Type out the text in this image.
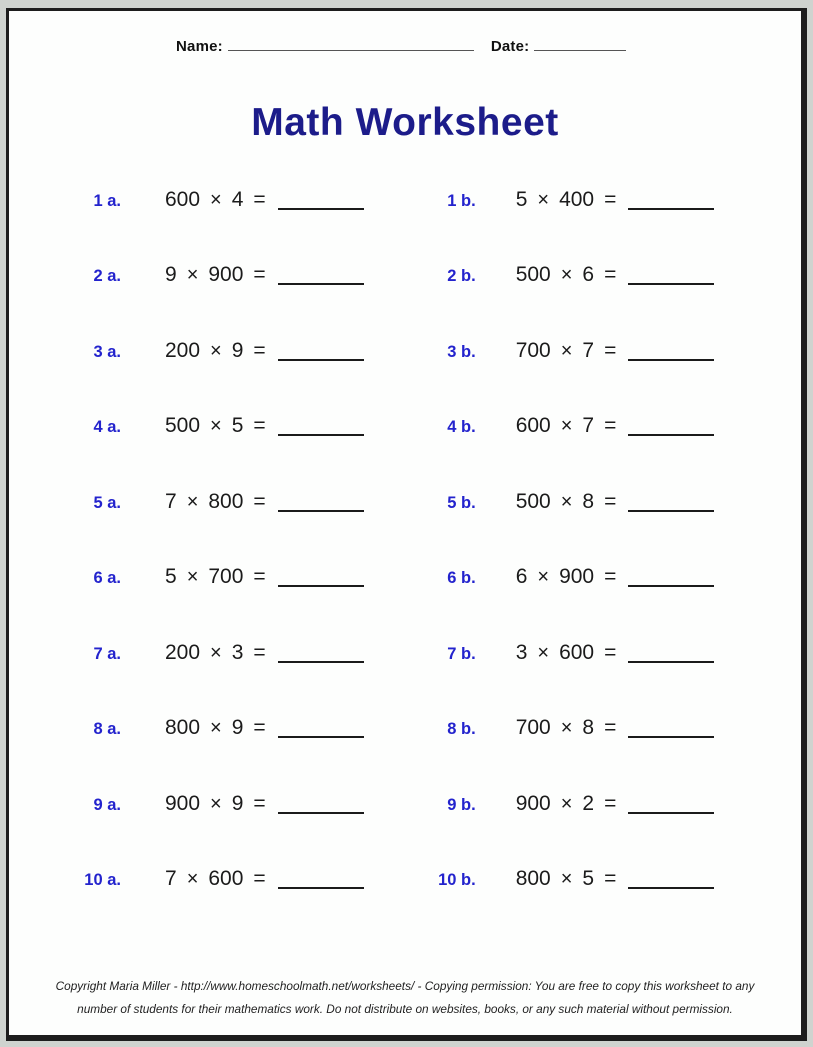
Name:	Date:
Math Worksheet
1 a. 600 × 4 =	1 b. 5 × 400 =
2 a. 9 × 900 =	2 b. 500 × 6 =
3 a. 200 × 9 =	3 b. 700 × 7 =
4 a. 500 × 5 =	4 b. 600 × 7 =
5 a. 7 × 800 =	5 b. 500 × 8 =
6 a. 5 × 700 =	6 b. 6 × 900 =
7 a. 200 × 3 =	7 b. 3 × 600 =
8 a. 800 × 9 =	8 b. 700 × 8 =
9 a. 900 × 9 =	9 b. 900 × 2 =
10 a. 7 × 600 =	10 b. 800 × 5 =
Copyright Maria Miller - http://www.homeschoolmath.net/worksheets/ - Copying permission: You are free to copy this worksheet to any
number of students for their mathematics work. Do not distribute on websites, books, or any such material without permission.
